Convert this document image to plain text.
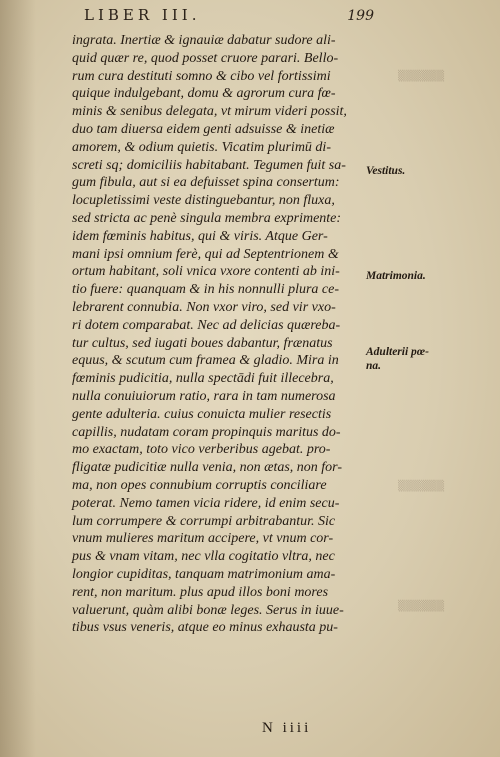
▒▒▒▒▒▒
▒▒▒▒▒▒
▒▒▒▒▒▒
LIBER III.	199
ingrata. Inertiæ & ignauiæ dabatur sudore ali-
quid quær re, quod posset cruore parari. Bello-
rum cura destituti somno & cibo vel fortissimi
quique indulgebant, domu & agrorum cura fœ-
minis & senibus delegata, vt mirum videri possit,
duo tam diuersa eidem genti adsuisse & inetiæ
amorem, & odium quietis. Vicatim plurimū di-
screti sq; domiciliis habitabant. Tegumen fuit sa-
gum fibula, aut si ea defuisset spina consertum:
locupletissimi veste distinguebantur, non fluxa,
sed stricta ac penè singula membra exprimente:
idem fœminis habitus, qui & viris. Atque Ger-
mani ipsi omnium ferè, qui ad Septentrionem &
ortum habitant, soli vnica vxore contenti ab ini-
tio fuere: quanquam & in his nonnulli plura ce-
lebrarent connubia. Non vxor viro, sed vir vxo-
ri dotem comparabat. Nec ad delicias quæreba-
tur cultus, sed iugati boues dabantur, frænatus
equus, & scutum cum framea & gladio. Mira in
fœminis pudicitia, nulla spectādi fuit illecebra,
nulla conuiuiorum ratio, rara in tam numerosa
gente adulteria. cuius conuicta mulier resectis
capillis, nudatam coram propinquis maritus do-
mo exactam, toto vico verberibus agebat. pro-
fligatæ pudicitiæ nulla venia, non ætas, non for-
ma, non opes connubium corruptis conciliare
poterat. Nemo tamen vicia ridere, id enim secu-
lum corrumpere & corrumpi arbitrabantur. Sic
vnum mulieres maritum accipere, vt vnum cor-
pus & vnam vitam, nec vlla cogitatio vltra, nec
longior cupiditas, tanquam matrimonium ama-
rent, non maritum. plus apud illos boni mores
valuerunt, quàm alibi bonæ leges. Serus in iuue-
tibus vsus veneris, atque eo minus exhausta pu-
Vestitus.
Matrimonia.
Adulterii pœ-
na.
N iiii
